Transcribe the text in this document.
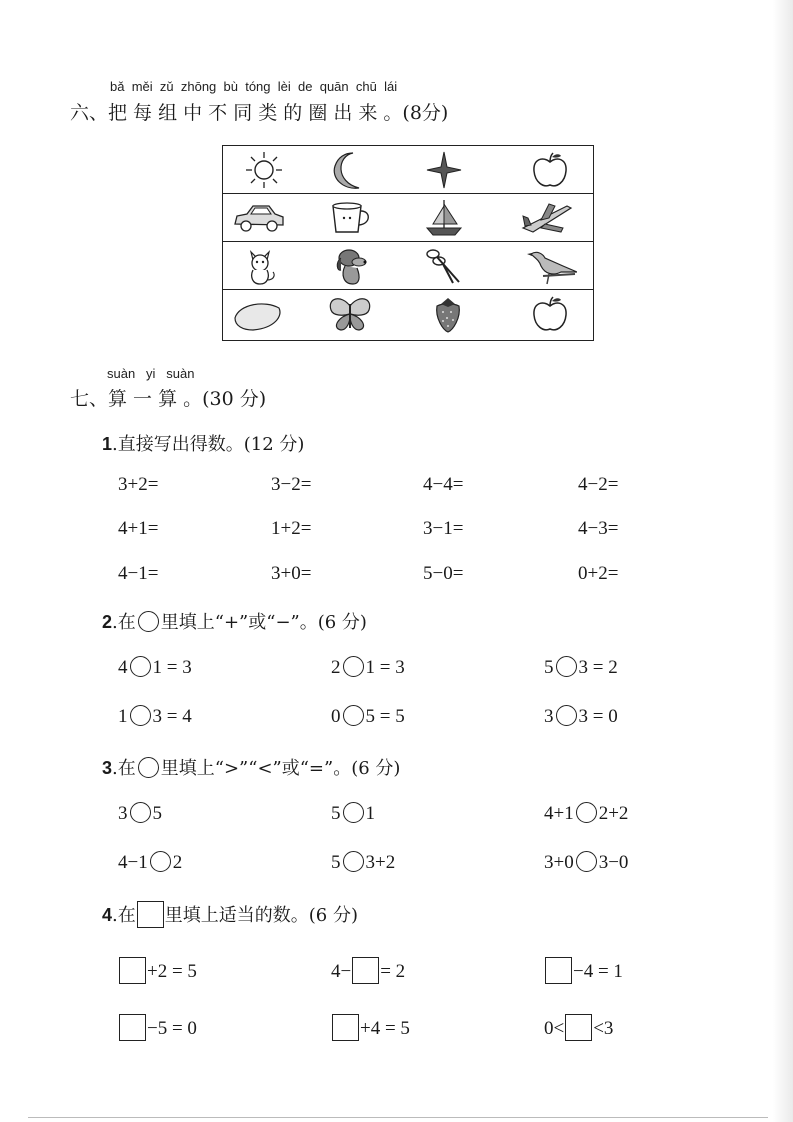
bǎ měi zǔ zhōng bù tóng lèi de quān chū lái
六、把 每 组 中 不 同 类 的 圈 出 来 。(8分)
suàn yi suàn
七、算 一 算 。(30 分)
1.直接写出得数。(12 分)
3+2=	3−2=	4−4=	4−2=
4+1=	1+2=	3−1=	4−3=
4−1=	3+0=	5−0=	0+2=
2.在 里填上“+”或“−”。(6 分)
4 1 = 3	2 1 = 3	5 3 = 2
1 3 = 4	0 5 = 5	3 3 = 0
3.在 里填上“>”“<”或“=”。(6 分)
3 5	5 1	4+1 2+2
4−1 2	5 3+2	3+0 3−0
4.在 里填上适当的数。(6 分)
+2 = 5	4− = 2	−4 = 1
−5 = 0	+4 = 5	0< <3
